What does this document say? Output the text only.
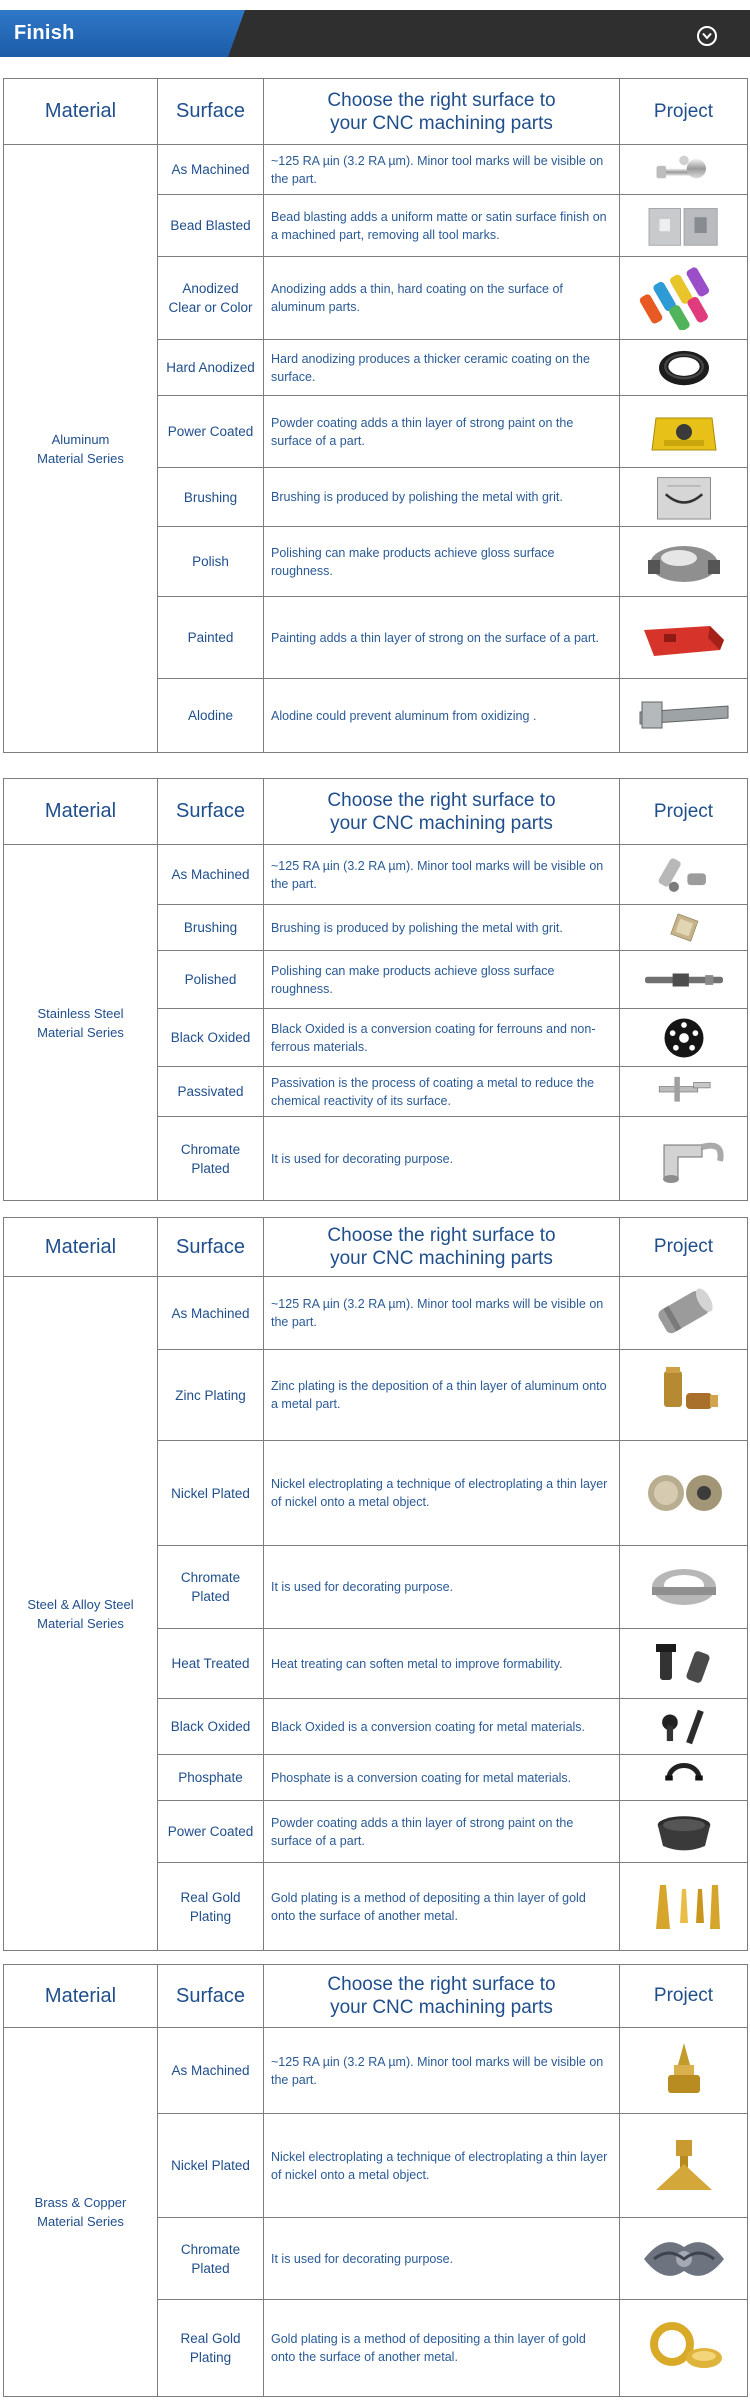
Finish
Material	Surface	Choose the right surface to
your CNC machining parts	Project

Aluminum
Material Series	As Machined	~125 RA µin (3.2 RA µm). Minor tool marks will be visible on the part.	

	Bead Blasted	Bead blasting adds a uniform matte or satin surface finish on a machined part, removing all tool marks.	

	Anodized
Clear or Color	Anodizing adds a thin, hard coating on the surface of aluminum parts.	

	Hard Anodized	Hard anodizing produces a thicker ceramic coating on the surface.	

	Power Coated	Powder coating adds a thin layer of strong paint on the surface of a part.	

	Brushing	Brushing is produced by polishing the metal with grit.	

	Polish	Polishing can make products achieve gloss surface roughness.	

	Painted	Painting adds a thin layer of strong on the surface of a part.	

	Alodine	Alodine could prevent aluminum from oxidizing .	
Material	Surface	Choose the right surface to
your CNC machining parts	Project

Stainless Steel
Material Series	As Machined	~125 RA µin (3.2 RA µm). Minor tool marks will be visible on the part.	

	Brushing	Brushing is produced by polishing the metal with grit.	

	Polished	Polishing can make products achieve gloss surface roughness.	

	Black Oxided	Black Oxided is a conversion coating for ferrouns and non-ferrous materials.	

	Passivated	Passivation is the process of coating a metal to reduce the chemical reactivity of its surface.	

	Chromate
Plated	It is used for decorating purpose.	
Material	Surface	Choose the right surface to
your CNC machining parts	Project

Steel & Alloy Steel
Material Series	As Machined	~125 RA µin (3.2 RA µm). Minor tool marks will be visible on the part.	

	Zinc Plating	Zinc plating is the deposition of a thin layer of aluminum onto a metal part.	

	Nickel Plated	Nickel electroplating a technique of electroplating a thin layer of nickel onto a metal object.	

	Chromate
Plated	It is used for decorating purpose.	

	Heat Treated	Heat treating can soften metal to improve formability.	

	Black Oxided	Black Oxided is a conversion coating for metal materials.	

	Phosphate	Phosphate is a conversion coating for metal materials.	

	Power Coated	Powder coating adds a thin layer of strong paint on the surface of a part.	

	Real Gold
Plating	Gold plating is a method of depositing a thin layer of gold onto the surface of another metal.	
Material	Surface	Choose the right surface to
your CNC machining parts	Project

Brass & Copper
Material Series	As Machined	~125 RA µin (3.2 RA µm). Minor tool marks will be visible on the part.	

	Nickel Plated	Nickel electroplating a technique of electroplating a thin layer of nickel onto a metal object.	

	Chromate
Plated	It is used for decorating purpose.	

	Real Gold
Plating	Gold plating is a method of depositing a thin layer of gold onto the surface of another metal.	
